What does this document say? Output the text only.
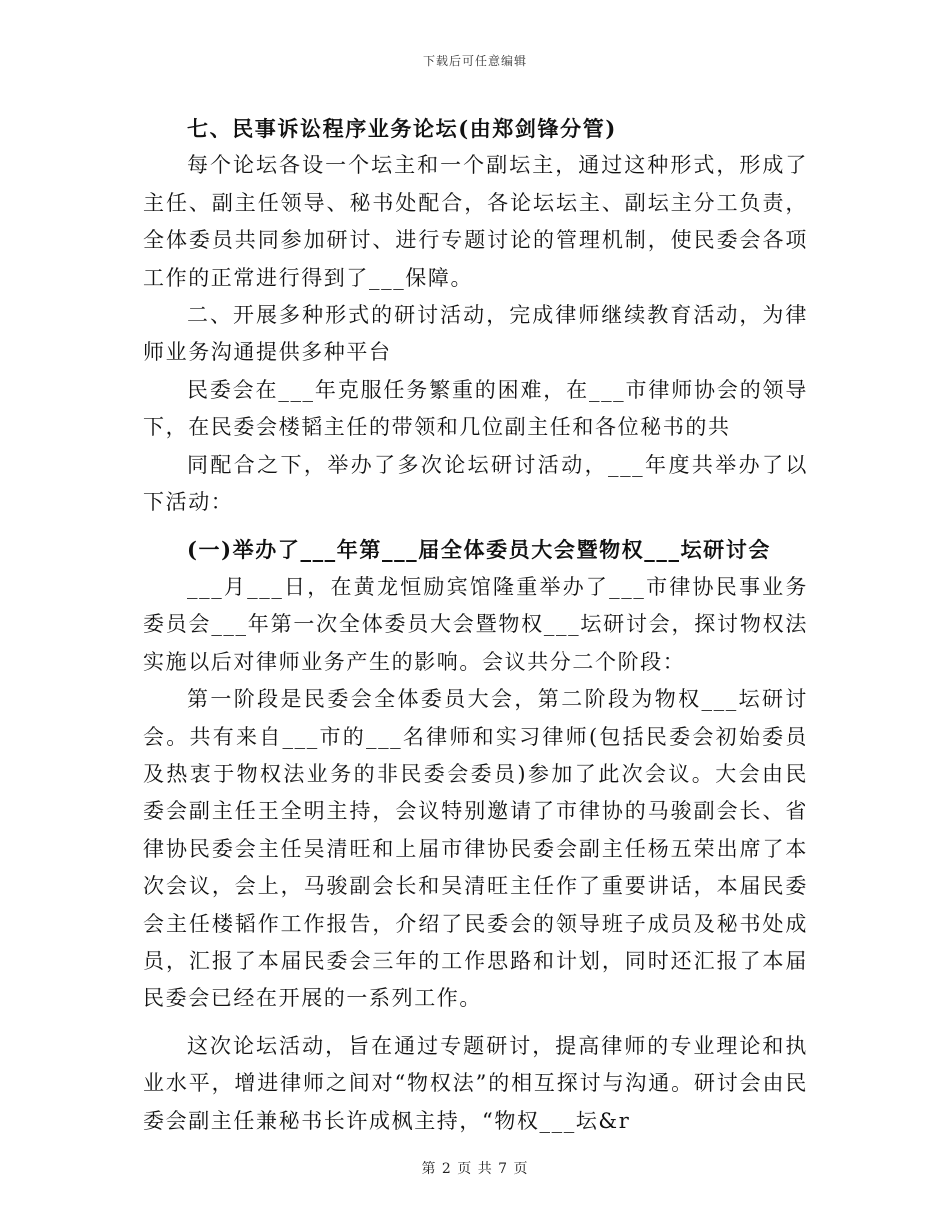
下载后可任意编辑

七、民事诉讼程序业务论坛(由郑剑锋分管)

每个论坛各设一个坛主和一个副坛主，通过这种形式，形成了主任、副主任领导、秘书处配合，各论坛坛主、副坛主分工负责，全体委员共同参加研讨、进行专题讨论的管理机制，使民委会各项工作的正常进行得到了___保障。

二、开展多种形式的研讨活动，完成律师继续教育活动，为律师业务沟通提供多种平台

民委会在___年克服任务繁重的困难，在___市律师协会的领导下，在民委会楼韬主任的带领和几位副主任和各位秘书的共

同配合之下，举办了多次论坛研讨活动，___年度共举办了以下活动：

(一)举办了___年第___届全体委员大会暨物权___坛研讨会

___月___日，在黄龙恒励宾馆隆重举办了___市律协民事业务委员会___年第一次全体委员大会暨物权___坛研讨会，探讨物权法实施以后对律师业务产生的影响。会议共分二个阶段：

第一阶段是民委会全体委员大会，第二阶段为物权___坛研讨会。共有来自___市的___名律师和实习律师(包括民委会初始委员及热衷于物权法业务的非民委会委员)参加了此次会议。大会由民委会副主任王全明主持，会议特别邀请了市律协的马骏副会长、省律协民委会主任吴清旺和上届市律协民委会副主任杨五荣出席了本次会议，会上，马骏副会长和吴清旺主任作了重要讲话，本届民委会主任楼韬作工作报告，介绍了民委会的领导班子成员及秘书处成员，汇报了本届民委会三年的工作思路和计划，同时还汇报了本届民委会已经在开展的一系列工作。

这次论坛活动，旨在通过专题研讨，提高律师的专业理论和执业水平，增进律师之间对“物权法”的相互探讨与沟通。研讨会由民委会副主任兼秘书长许成枫主持，“物权___坛&r

第 2 页 共 7 页
